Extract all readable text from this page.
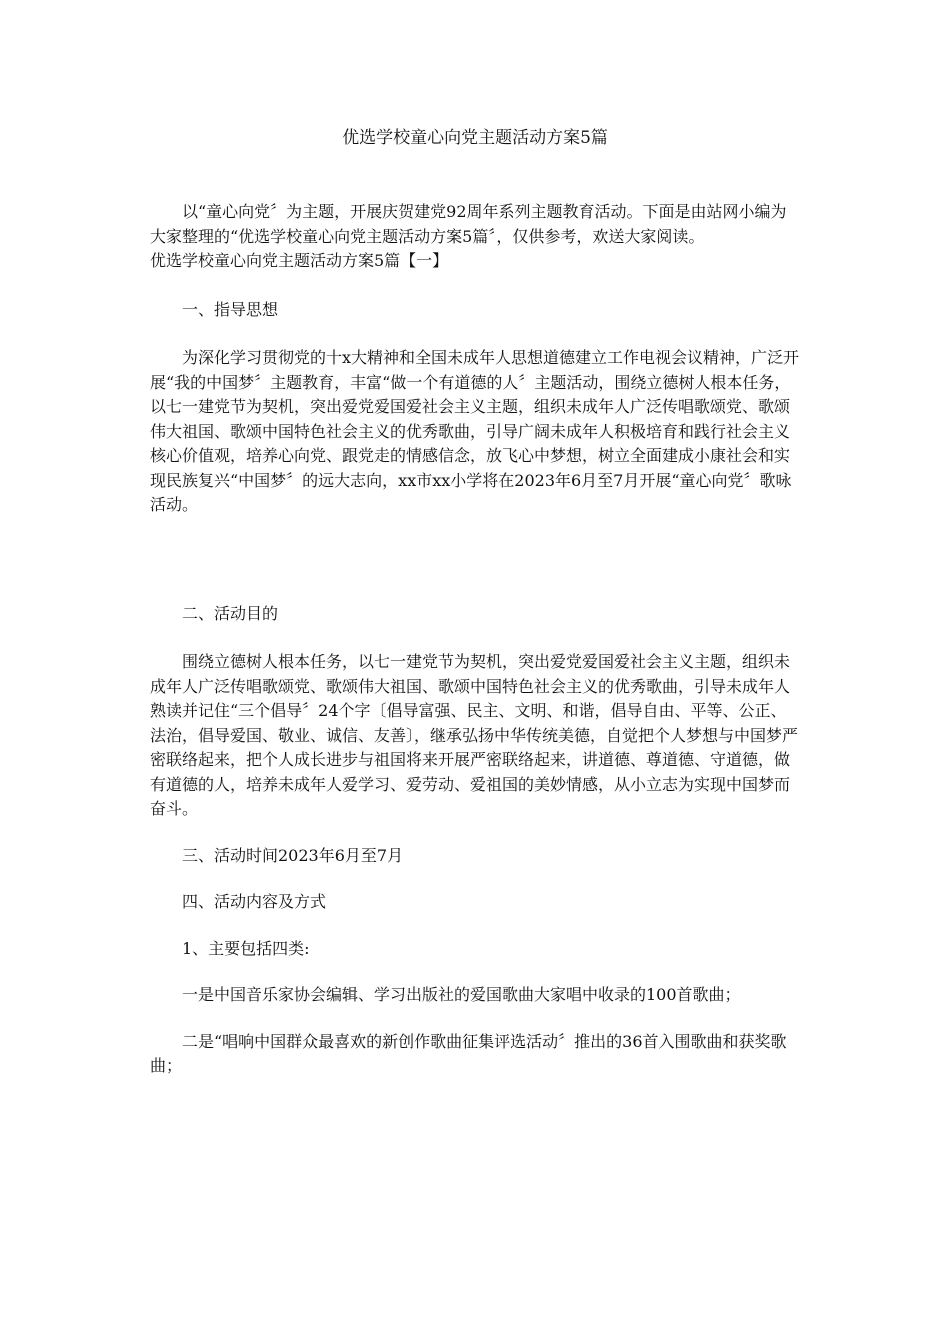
优选学校童心向党主题活动方案5篇

以“童心向党〞为主题，开展庆贺建党92周年系列主题教育活动。下面是由站网小编为大家整理的“优选学校童心向党主题活动方案5篇〞，仅供参考，欢送大家阅读。

优选学校童心向党主题活动方案5篇【一】

一、指导思想

为深化学习贯彻党的十x大精神和全国未成年人思想道德建立工作电视会议精神，广泛开展“我的中国梦〞主题教育，丰富“做一个有道德的人〞主题活动，围绕立德树人根本任务，以七一建党节为契机，突出爱党爱国爱社会主义主题，组织未成年人广泛传唱歌颂党、歌颂伟大祖国、歌颂中国特色社会主义的优秀歌曲，引导广阔未成年人积极培育和践行社会主义核心价值观，培养心向党、跟党走的情感信念，放飞心中梦想，树立全面建成小康社会和实现民族复兴“中国梦〞的远大志向，xx市xx小学将在2023年6月至7月开展“童心向党〞歌咏活动。

二、活动目的

围绕立德树人根本任务，以七一建党节为契机，突出爱党爱国爱社会主义主题，组织未成年人广泛传唱歌颂党、歌颂伟大祖国、歌颂中国特色社会主义的优秀歌曲，引导未成年人熟读并记住“三个倡导〞24个字〔倡导富强、民主、文明、和谐，倡导自由、平等、公正、法治，倡导爱国、敬业、诚信、友善〕，继承弘扬中华传统美德，自觉把个人梦想与中国梦严密联络起来，把个人成长进步与祖国将来开展严密联络起来，讲道德、尊道德、守道德，做有道德的人，培养未成年人爱学习、爱劳动、爱祖国的美妙情感，从小立志为实现中国梦而奋斗。

三、活动时间2023年6月至7月

四、活动内容及方式

1、主要包括四类:

一是中国音乐家协会编辑、学习出版社的爱国歌曲大家唱中收录的100首歌曲；

二是“唱响中国群众最喜欢的新创作歌曲征集评选活动〞推出的36首入围歌曲和获奖歌曲；
